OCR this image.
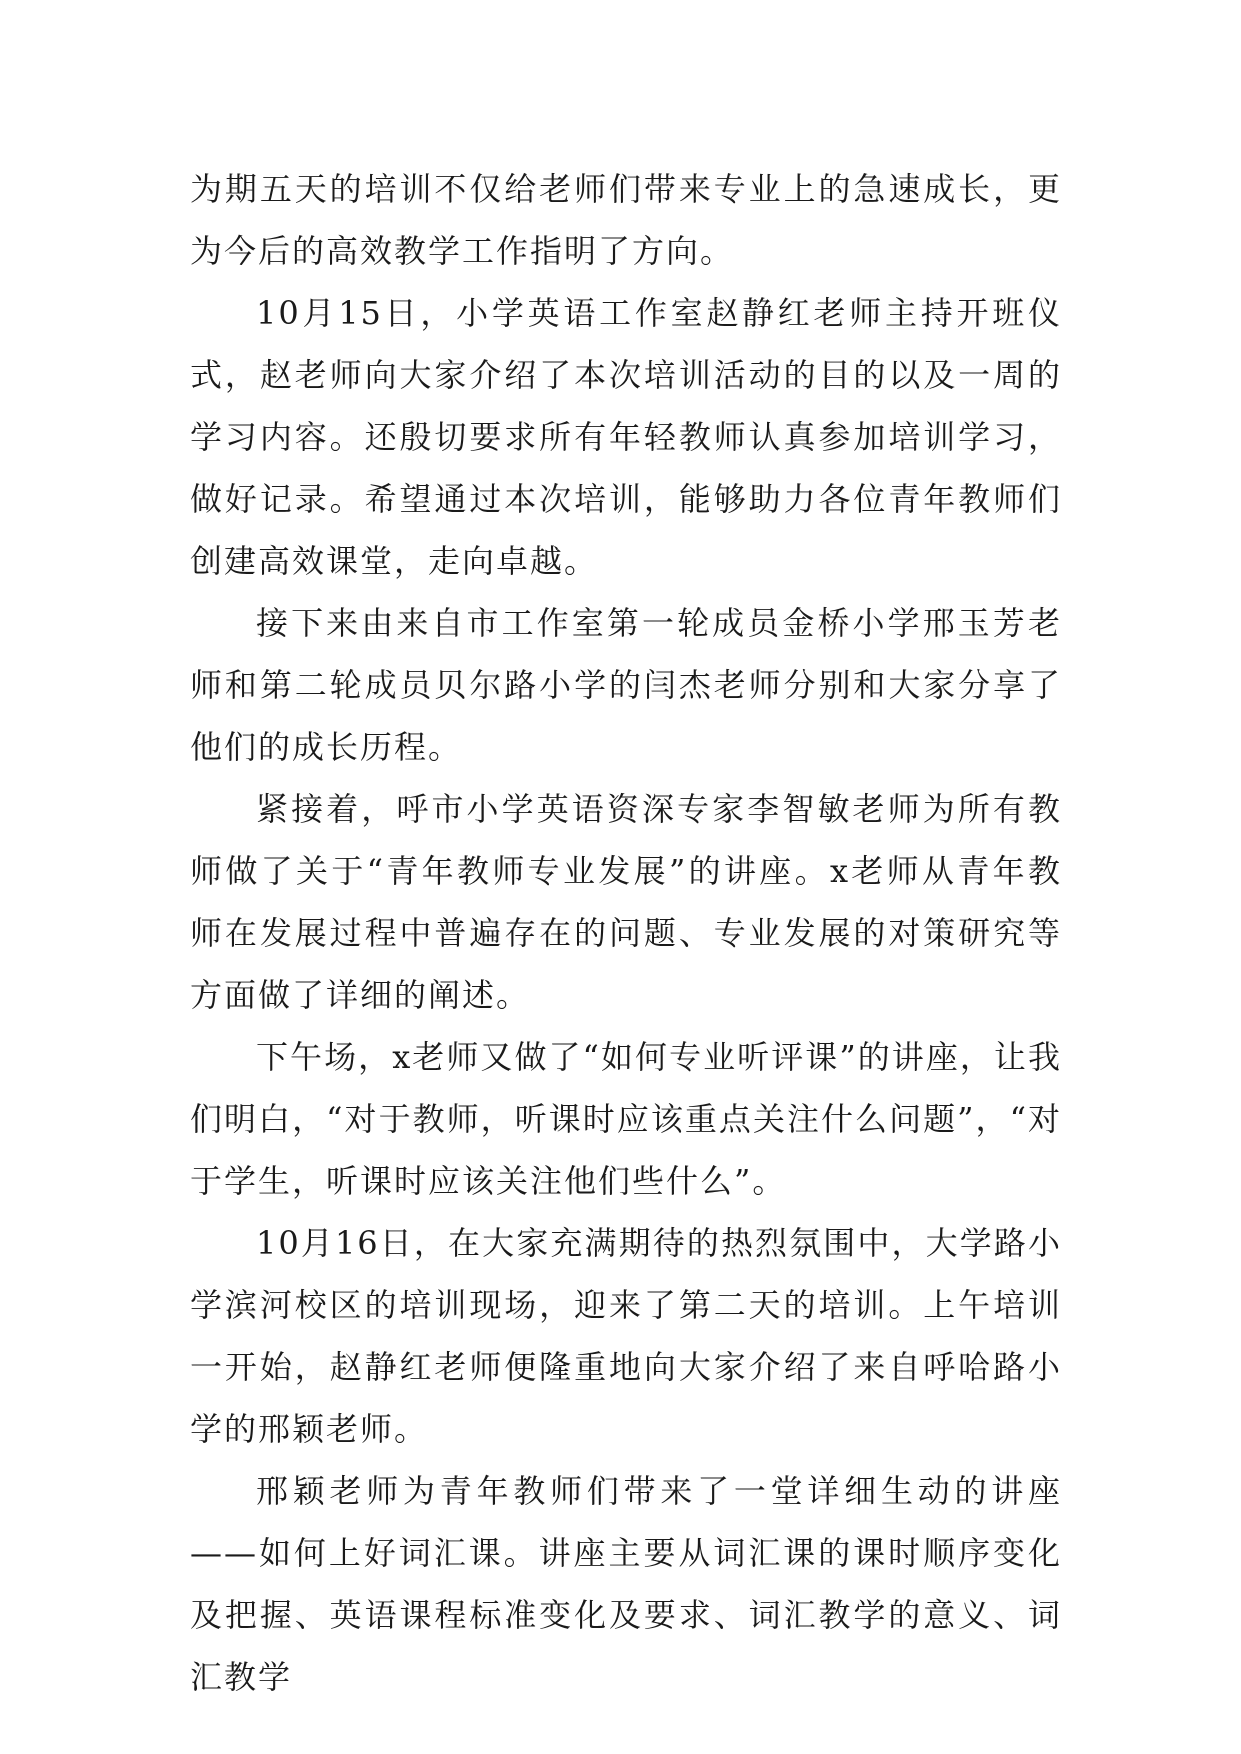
为期五天的培训不仅给老师们带来专业上的急速成长，更为今后的高效教学工作指明了方向。

10月15日，小学英语工作室赵静红老师主持开班仪式，赵老师向大家介绍了本次培训活动的目的以及一周的学习内容。还殷切要求所有年轻教师认真参加培训学习，做好记录。希望通过本次培训，能够助力各位青年教师们创建高效课堂，走向卓越。

接下来由来自市工作室第一轮成员金桥小学邢玉芳老师和第二轮成员贝尔路小学的闫杰老师分别和大家分享了他们的成长历程。

紧接着，呼市小学英语资深专家李智敏老师为所有教师做了关于“青年教师专业发展”的讲座。x老师从青年教师在发展过程中普遍存在的问题、专业发展的对策研究等方面做了详细的阐述。

下午场，x老师又做了“如何专业听评课”的讲座，让我们明白，“对于教师，听课时应该重点关注什么问题”，“对于学生，听课时应该关注他们些什么”。

10月16日，在大家充满期待的热烈氛围中，大学路小学滨河校区的培训现场，迎来了第二天的培训。上午培训一开始，赵静红老师便隆重地向大家介绍了来自呼哈路小学的邢颖老师。

邢颖老师为青年教师们带来了一堂详细生动的讲座——如何上好词汇课。讲座主要从词汇课的课时顺序变化及把握、英语课程标准变化及要求、词汇教学的意义、词汇教学
